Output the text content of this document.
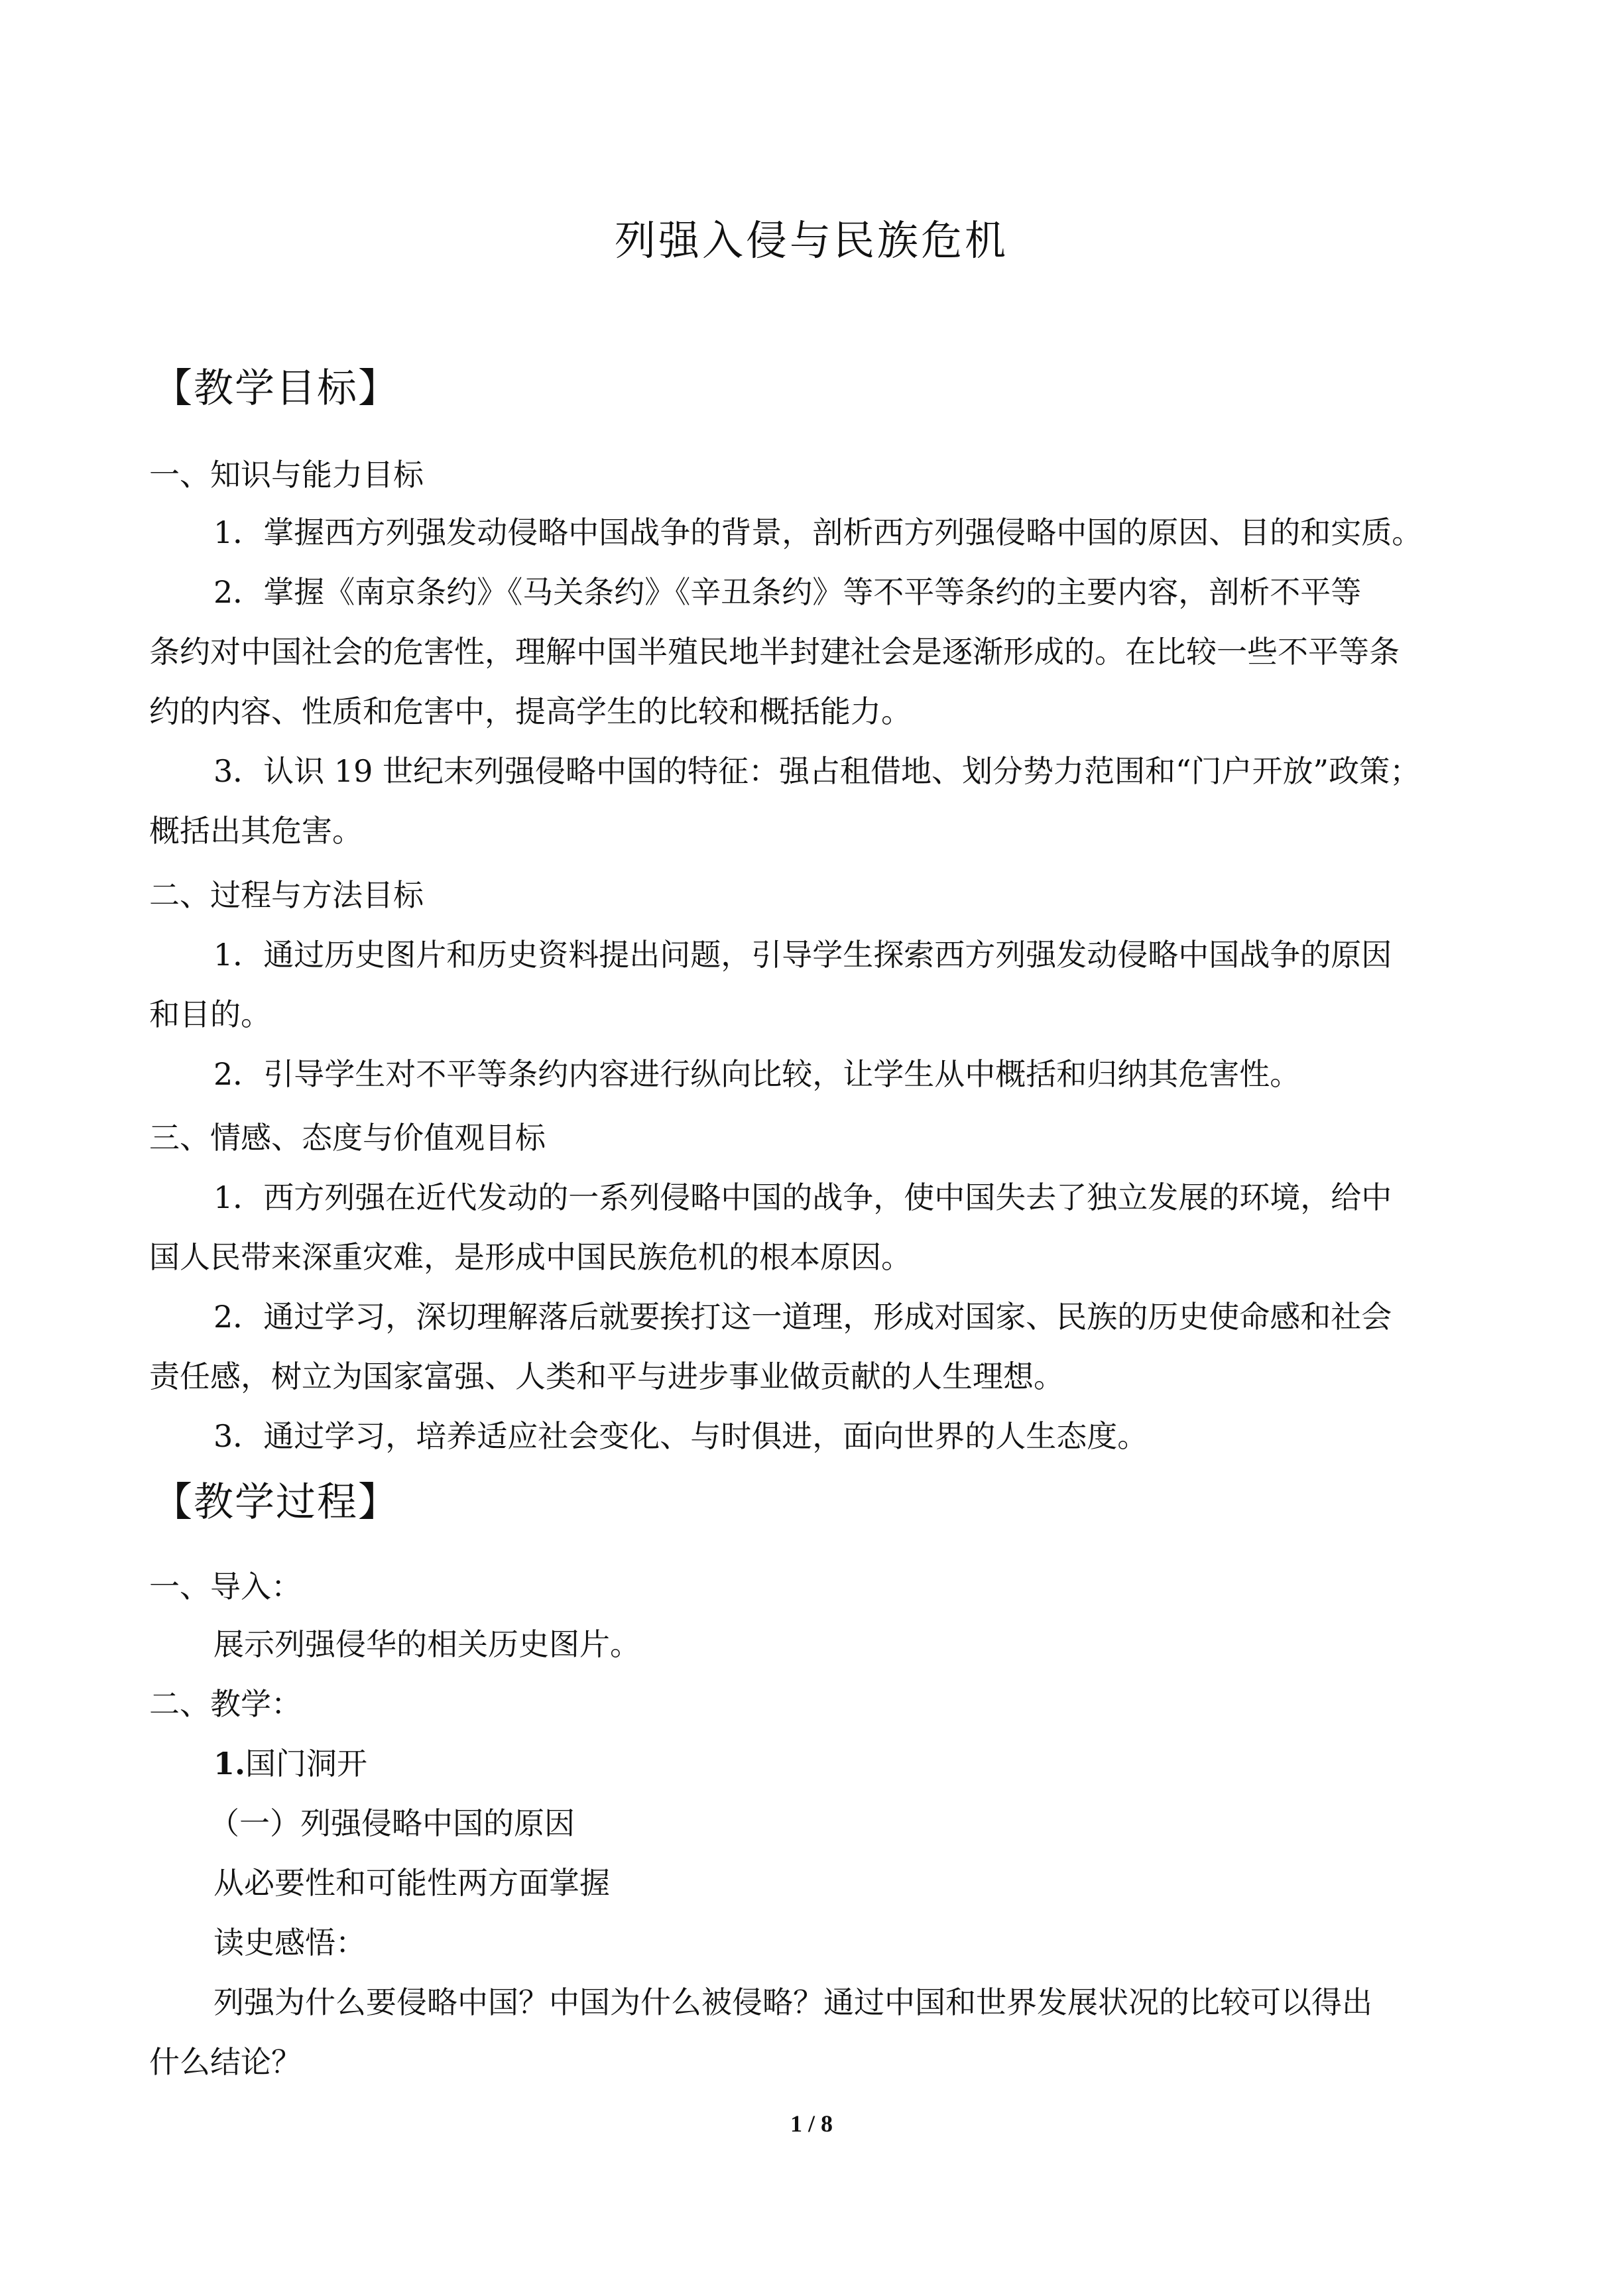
列强入侵与民族危机
【教学目标】
一、知识与能力目标
1．掌握西方列强发动侵略中国战争的背景，剖析西方列强侵略中国的原因、目的和实质。
2．掌握《南京条约》《马关条约》《辛丑条约》等不平等条约的主要内容，剖析不平等
条约对中国社会的危害性，理解中国半殖民地半封建社会是逐渐形成的。在比较一些不平等条
约的内容、性质和危害中，提高学生的比较和概括能力。
3．认识 19 世纪末列强侵略中国的特征：强占租借地、划分势力范围和“门户开放”政策；
概括出其危害。
二、过程与方法目标
1．通过历史图片和历史资料提出问题，引导学生探索西方列强发动侵略中国战争的原因
和目的。
2．引导学生对不平等条约内容进行纵向比较，让学生从中概括和归纳其危害性。
三、情感、态度与价值观目标
1．西方列强在近代发动的一系列侵略中国的战争，使中国失去了独立发展的环境，给中
国人民带来深重灾难，是形成中国民族危机的根本原因。
2．通过学习，深切理解落后就要挨打这一道理，形成对国家、民族的历史使命感和社会
责任感，树立为国家富强、人类和平与进步事业做贡献的人生理想。
3．通过学习，培养适应社会变化、与时俱进，面向世界的人生态度。
【教学过程】
一、导入：
展示列强侵华的相关历史图片。
二、教学：
1.国门洞开
（一）列强侵略中国的原因
从必要性和可能性两方面掌握
读史感悟：
列强为什么要侵略中国？中国为什么被侵略？通过中国和世界发展状况的比较可以得出
什么结论？
1 / 8
